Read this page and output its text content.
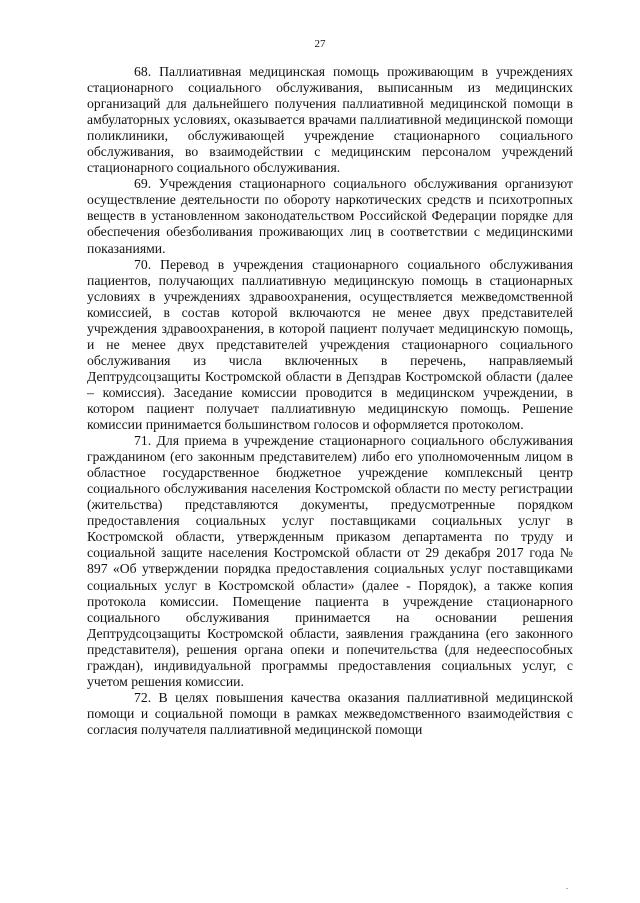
27

68. Паллиативная медицинская помощь проживающим в учреждениях стационарного социального обслуживания, выписанным из медицинских организаций для дальнейшего получения паллиативной медицинской помощи в амбулаторных условиях, оказывается врачами паллиативной медицинской помощи поликлиники, обслуживающей учреждение стационарного социального обслуживания, во взаимодействии с медицинским персоналом учреждений стационарного социального обслуживания.

69. Учреждения стационарного социального обслуживания организуют осуществление деятельности по обороту наркотических средств и психотропных веществ в установленном законодательством Российской Федерации порядке для обеспечения обезболивания проживающих лиц в соответствии с медицинскими показаниями.

70. Перевод в учреждения стационарного социального обслуживания пациентов, получающих паллиативную медицинскую помощь в стационарных условиях в учреждениях здравоохранения, осуществляется межведомственной комиссией, в состав которой включаются не менее двух представителей учреждения здравоохранения, в которой пациент получает медицинскую помощь, и не менее двух представителей учреждения стационарного социального обслуживания из числа включенных в перечень, направляемый Дептрудсоцзащиты Костромской области в Депздрав Костромской области (далее – комиссия). Заседание комиссии проводится в медицинском учреждении, в котором пациент получает паллиативную медицинскую помощь. Решение комиссии принимается большинством голосов и оформляется протоколом.

71. Для приема в учреждение стационарного социального обслуживания гражданином (его законным представителем) либо его уполномоченным лицом в областное государственное бюджетное учреждение комплексный центр социального обслуживания населения Костромской области по месту регистрации (жительства) представляются документы, предусмотренные порядком предоставления социальных услуг поставщиками социальных услуг в Костромской области, утвержденным приказом департамента по труду и социальной защите населения Костромской области от 29 декабря 2017 года № 897 «Об утверждении порядка предоставления социальных услуг поставщиками социальных услуг в Костромской области» (далее - Порядок), а также копия протокола комиссии. Помещение пациента в учреждение стационарного социального обслуживания принимается на основании решения Дептрудсоцзащиты Костромской области, заявления гражданина (его законного представителя), решения органа опеки и попечительства (для недееспособных граждан), индивидуальной программы предоставления социальных услуг, с учетом решения комиссии.

72. В целях повышения качества оказания паллиативной медицинской помощи и социальной помощи в рамках межведомственного взаимодействия с согласия получателя паллиативной медицинской помощи

.
